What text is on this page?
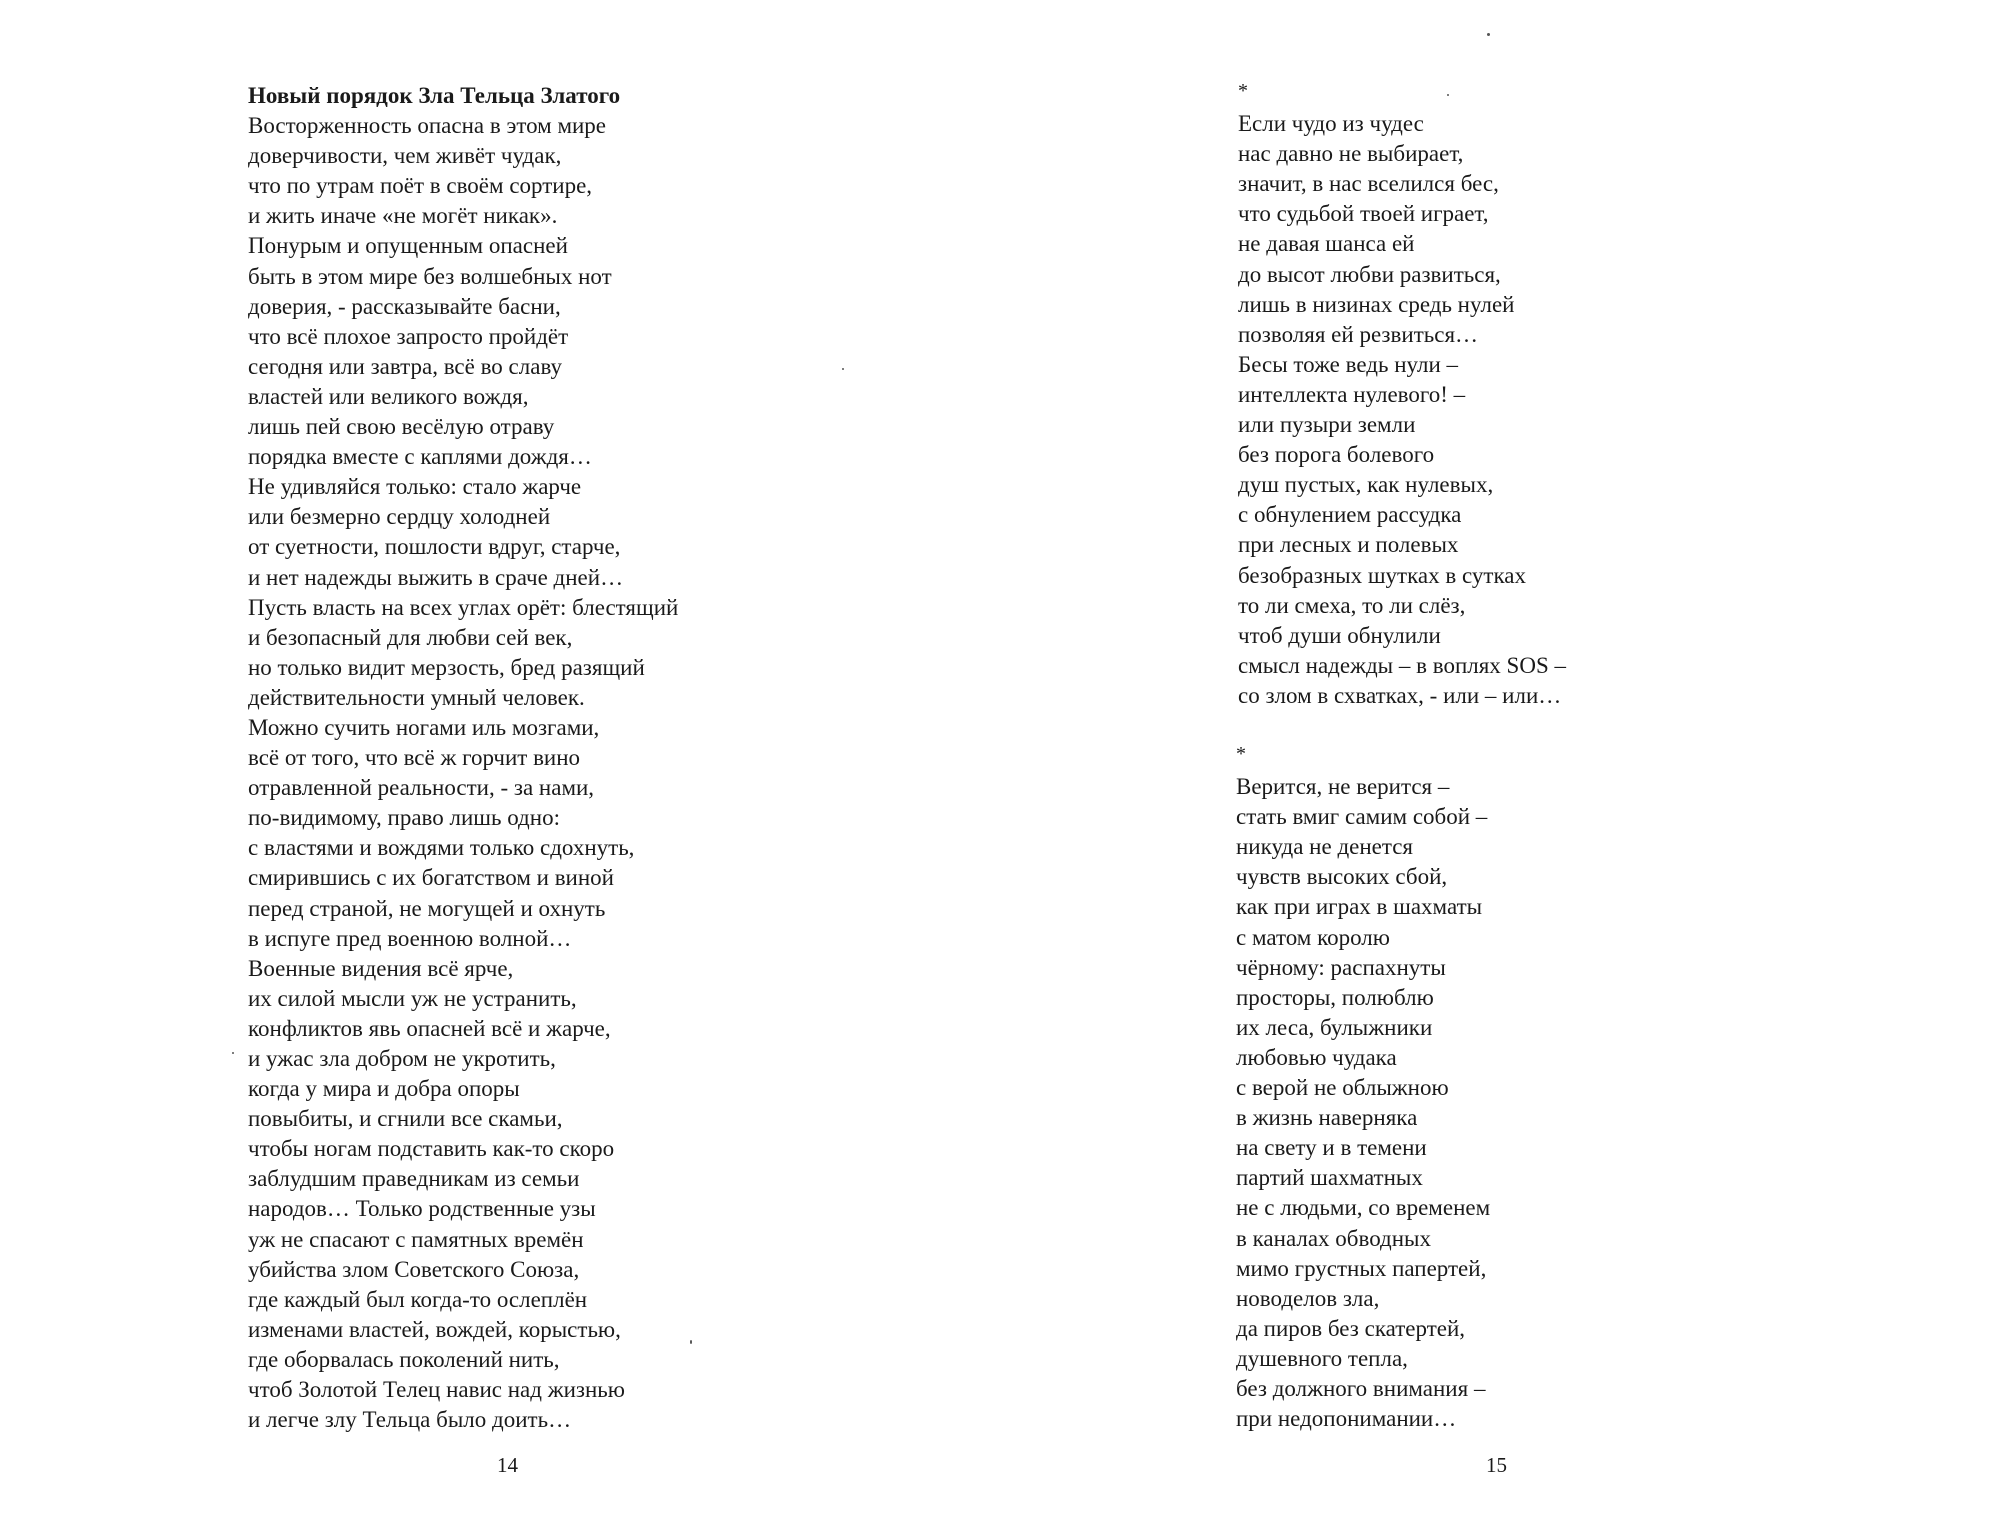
Новый порядок Зла Тельца Златого
Восторженность опасна в этом мире
доверчивости, чем живёт чудак,
что по утрам поёт в своём сортире,
и жить иначе «не могёт никак».
Понурым и опущенным опасней
быть в этом мире без волшебных нот
доверия, - рассказывайте басни,
что всё плохое запросто пройдёт
сегодня или завтра, всё во славу
властей или великого вождя,
лишь пей свою весёлую отраву
порядка вместе с каплями дождя…
Не удивляйся только: стало жарче
или безмерно сердцу холодней
от суетности, пошлости вдруг, старче,
и нет надежды выжить в сраче дней…
Пусть власть на всех углах орёт: блестящий
и безопасный для любви сей век,
но только видит мерзость, бред разящий
действительности умный человек.
Можно сучить ногами иль мозгами,
всё от того, что всё ж горчит вино
отравленной реальности, - за нами,
по-видимому, право лишь одно:
с властями и вождями только сдохнуть,
смирившись с их богатством и виной
перед страной, не могущей и охнуть
в испуге пред военною волной…
Военные видения всё ярче,
их силой мысли уж не устранить,
конфликтов явь опасней всё и жарче,
и ужас зла добром не укротить,
когда у мира и добра опоры
повыбиты, и сгнили все скамьи,
чтобы ногам подставить как-то скоро
заблудшим праведникам из семьи
народов… Только родственные узы
уж не спасают с памятных времён
убийства злом Советского Союза,
где каждый был когда-то ослеплён
изменами властей, вождей, корыстью,
где оборвалась поколений нить,
чтоб Золотой Телец навис над жизнью
и легче злу Тельца было доить…
14
*
Если чудо из чудес
нас давно не выбирает,
значит, в нас вселился бес,
что судьбой твоей играет,
не давая шанса ей
до высот любви развиться,
лишь в низинах средь нулей
позволяя ей резвиться…
Бесы тоже ведь нули –
интеллекта нулевого! –
или пузыри земли
без порога болевого
душ пустых, как нулевых,
с обнулением рассудка
при лесных и полевых
безобразных шутках в сутках
то ли смеха, то ли слёз,
чтоб души обнулили
смысл надежды – в воплях SOS –
со злом в схватках, - или – или…
*
Верится, не верится –
стать вмиг самим собой –
никуда не денется
чувств высоких сбой,
как при играх в шахматы
с матом королю
чёрному: распахнуты
просторы, полюблю
их леса, булыжники
любовью чудака
с верой не облыжною
в жизнь наверняка
на свету и в темени
партий шахматных
не с людьми, со временем
в каналах обводных
мимо грустных папертей,
новоделов зла,
да пиров без скатертей,
душевного тепла,
без должного внимания –
при недопонимании…
15
